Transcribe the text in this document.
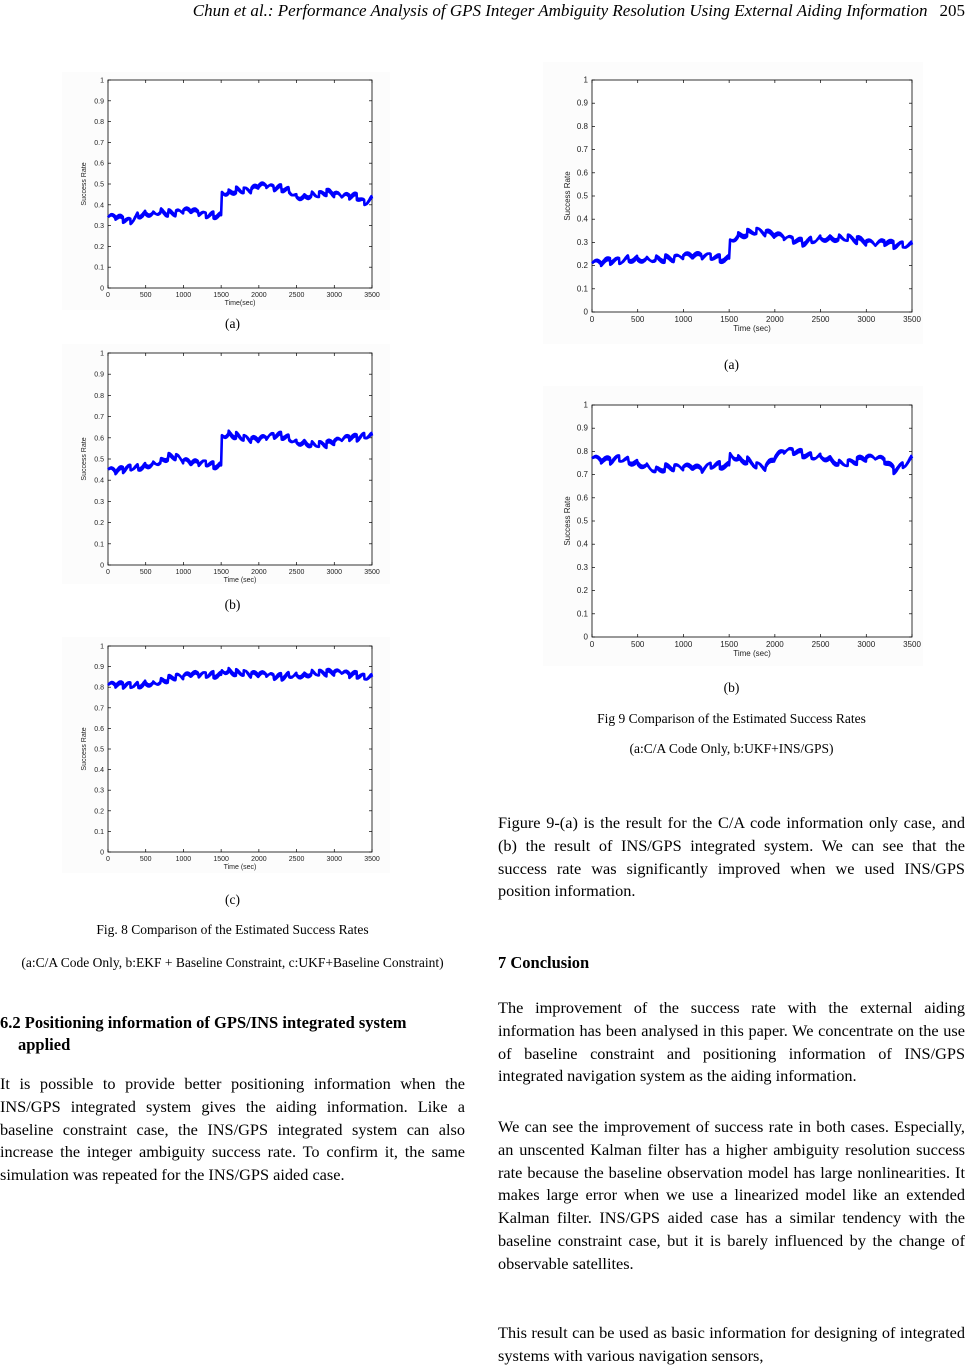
Chun et al.: Performance Analysis of GPS Integer Ambiguity Resolution Using External Aiding Information 205
0
0.1
0.2
0.3
0.4
0.5
0.6
0.7
0.8
0.9
1
0	500	1000	1500	2000	2500	3000	3500
Time(sec)
Success Rate
(a)
0
0.1
0.2
0.3
0.4
0.5
0.6
0.7
0.8
0.9
1
0	500	1000	1500	2000	2500	3000	3500
Time (sec)
Success Rate
(b)
0
0.1
0.2
0.3
0.4
0.5
0.6
0.7
0.8
0.9
1
0	500	1000	1500	2000	2500	3000	3500
Time (sec)
Success Rate
(c)
Fig. 8 Comparison of the Estimated Success Rates
(a:C/A Code Only, b:EKF + Baseline Constraint, c:UKF+Baseline Constraint)
6.2 Positioning information of GPS/INS integrated system applied
It is possible to provide better positioning information when the INS/GPS integrated system gives the aiding information. Like a baseline constraint case, the INS/GPS integrated system can also increase the integer ambiguity success rate. To confirm it, the same simulation was repeated for the INS/GPS aided case.
0
0.1
0.2
0.3
0.4
0.5
0.6
0.7
0.8
0.9
1
0	500	1000	1500	2000	2500	3000	3500
Time (sec)
Success Rate
(a)
0
0.1
0.2
0.3
0.4
0.5
0.6
0.7
0.8
0.9
1
0	500	1000	1500	2000	2500	3000	3500
Time (sec)
Success Rate
(b)
Fig 9 Comparison of the Estimated Success Rates
(a:C/A Code Only, b:UKF+INS/GPS)
Figure 9-(a) is the result for the C/A code information only case, and (b) the result of INS/GPS integrated system. We can see that the success rate was significantly improved when we used INS/GPS position information.
7 Conclusion
The improvement of the success rate with the external aiding information has been analysed in this paper. We concentrate on the use of baseline constraint and positioning information of INS/GPS integrated navigation system as the aiding information.
We can see the improvement of success rate in both cases. Especially, an unscented Kalman filter has a higher ambiguity resolution success rate because the baseline observation model has large nonlinearities. It makes large error when we use a linearized model like an extended Kalman filter. INS/GPS aided case has a similar tendency with the baseline constraint case, but it is barely influenced by the change of observable satellites.
This result can be used as basic information for designing of integrated systems with various navigation sensors,
